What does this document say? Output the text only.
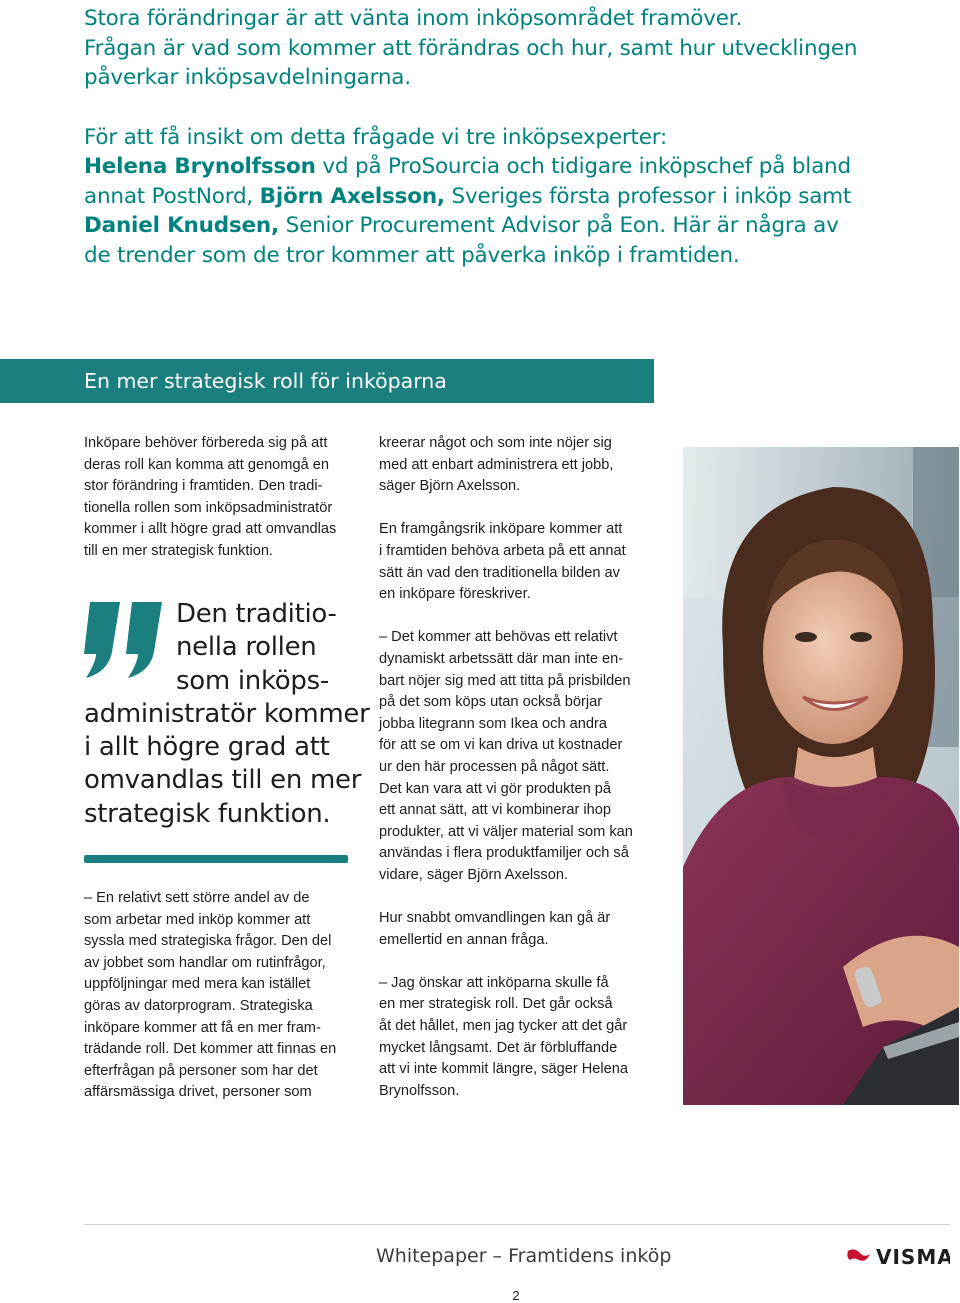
Stora förändringar är att vänta inom inköpsområdet framöver.
Frågan är vad som kommer att förändras och hur, samt hur utvecklingen
påverkar inköpsavdelningarna.

För att få insikt om detta frågade vi tre inköpsexperter:
Helena Brynolfsson vd på ProSourcia och tidigare inköpschef på bland
annat PostNord, Björn Axelsson, Sveriges första professor i inköp samt
Daniel Knudsen, Senior Procurement Advisor på Eon. Här är några av
de trender som de tror kommer att påverka inköp i framtiden.

En mer strategisk roll för inköparna

Inköpare behöver förbereda sig på att
deras roll kan komma att genomgå en
stor förändring i framtiden. Den tradi-
tionella rollen som inköpsadministratör
kommer i allt högre grad att omvandlas
till en mer strategisk funktion.

Den traditio-
nella rollen
som inköps-
administratör kommer
i allt högre grad att
omvandlas till en mer
strategisk funktion.

– En relativt sett större andel av de
som arbetar med inköp kommer att
syssla med strategiska frågor. Den del
av jobbet som handlar om rutinfrågor,
uppföljningar med mera kan istället
göras av datorprogram. Strategiska
inköpare kommer att få en mer fram-
trädande roll. Det kommer att finnas en
efterfrågan på personer som har det
affärsmässiga drivet, personer som

kreerar något och som inte nöjer sig
med att enbart administrera ett jobb,
säger Björn Axelsson.

En framgångsrik inköpare kommer att
i framtiden behöva arbeta på ett annat
sätt än vad den traditionella bilden av
en inköpare föreskriver.

– Det kommer att behövas ett relativt
dynamiskt arbetssätt där man inte en-
bart nöjer sig med att titta på prisbilden
på det som köps utan också börjar
jobba litegrann som Ikea och andra
för att se om vi kan driva ut kostnader
ur den här processen på något sätt.
Det kan vara att vi gör produkten på
ett annat sätt, att vi kombinerar ihop
produkter, att vi väljer material som kan
användas i flera produktfamiljer och så
vidare, säger Björn Axelsson.

Hur snabbt omvandlingen kan gå är
emellertid en annan fråga.

– Jag önskar att inköparna skulle få
en mer strategisk roll. Det går också
åt det hållet, men jag tycker att det går
mycket långsamt. Det är förbluffande
att vi inte kommit längre, säger Helena
Brynolfsson.

Whitepaper – Framtidens inköp	VISMA
2
